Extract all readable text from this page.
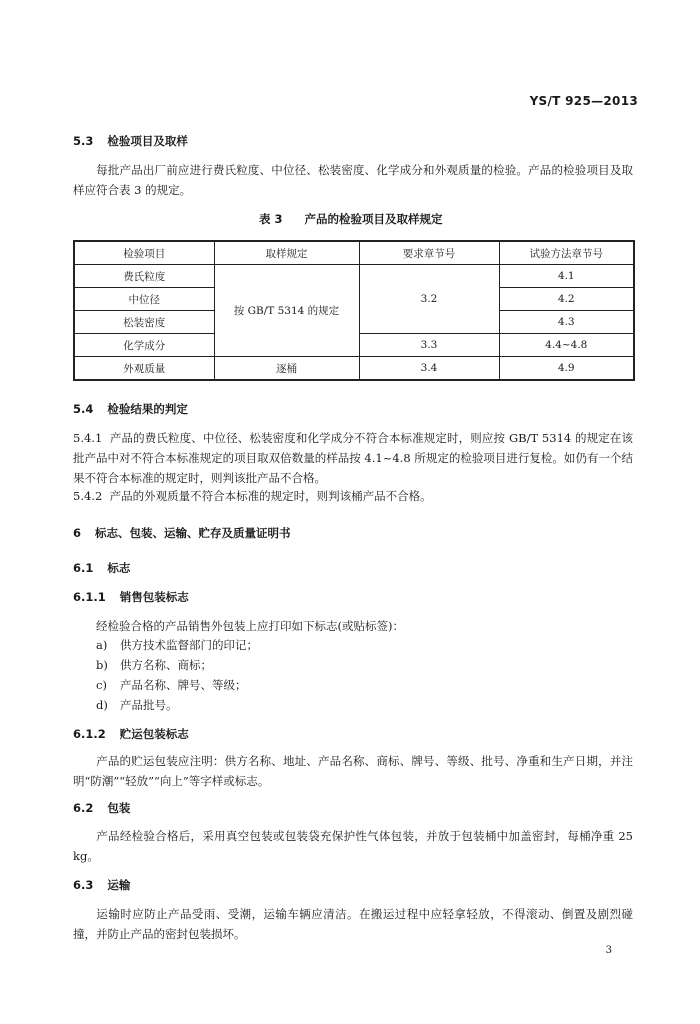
YS/T 925—2013
5.3 检验项目及取样
每批产品出厂前应进行费氏粒度、中位径、松装密度、化学成分和外观质量的检验。产品的检验项目及取样应符合表 3 的规定。
表 3 产品的检验项目及取样规定
检验项目	取样规定	要求章节号	试验方法章节号
费氏粒度	按 GB/T 5314 的规定	3.2	4.1
中位径			4.2
松装密度			4.3
化学成分		3.3	4.4~4.8
外观质量	逐桶	3.4	4.9
5.4 检验结果的判定
5.4.1 产品的费氏粒度、中位径、松装密度和化学成分不符合本标准规定时，则应按 GB/T 5314 的规定在该批产品中对不符合本标准规定的项目取双倍数量的样品按 4.1~4.8 所规定的检验项目进行复检。如仍有一个结果不符合本标准的规定时，则判该批产品不合格。
5.4.2 产品的外观质量不符合本标准的规定时，则判该桶产品不合格。
6 标志、包装、运输、贮存及质量证明书
6.1 标志
6.1.1 销售包装标志
经检验合格的产品销售外包装上应打印如下标志(或贴标签)：
a) 供方技术监督部门的印记；
b) 供方名称、商标；
c) 产品名称、牌号、等级；
d) 产品批号。
6.1.2 贮运包装标志
产品的贮运包装应注明：供方名称、地址、产品名称、商标、牌号、等级、批号、净重和生产日期，并注明“防潮”“轻放”“向上”等字样或标志。
6.2 包装
产品经检验合格后，采用真空包装或包装袋充保护性气体包装，并放于包装桶中加盖密封，每桶净重 25 kg。
6.3 运输
运输时应防止产品受雨、受潮，运输车辆应清洁。在搬运过程中应轻拿轻放，不得滚动、倒置及剧烈碰撞，并防止产品的密封包装损坏。
3
